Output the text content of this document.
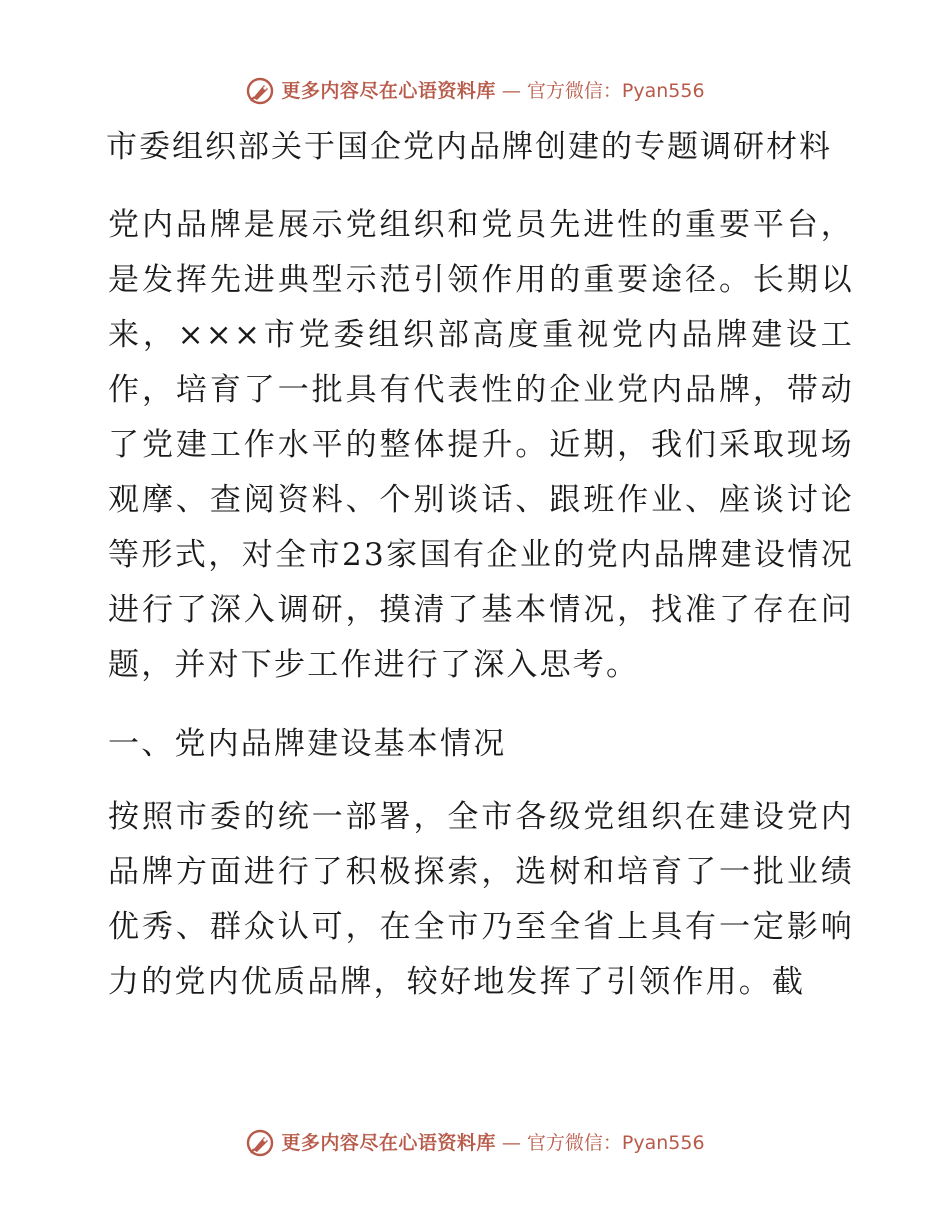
更多内容尽在心语资料库 — 官方微信：Pyan556
市委组织部关于国企党内品牌创建的专题调研材料

党内品牌是展示党组织和党员先进性的重要平台，是发挥先进典型示范引领作用的重要途径。长期以来，×××市党委组织部高度重视党内品牌建设工作，培育了一批具有代表性的企业党内品牌，带动了党建工作水平的整体提升。近期，我们采取现场观摩、查阅资料、个别谈话、跟班作业、座谈讨论等形式，对全市23家国有企业的党内品牌建设情况进行了深入调研，摸清了基本情况，找准了存在问题，并对下步工作进行了深入思考。

一、党内品牌建设基本情况

按照市委的统一部署，全市各级党组织在建设党内品牌方面进行了积极探索，选树和培育了一批业绩优秀、群众认可，在全市乃至全省上具有一定影响力的党内优质品牌，较好地发挥了引领作用。截

更多内容尽在心语资料库 — 官方微信：Pyan556
